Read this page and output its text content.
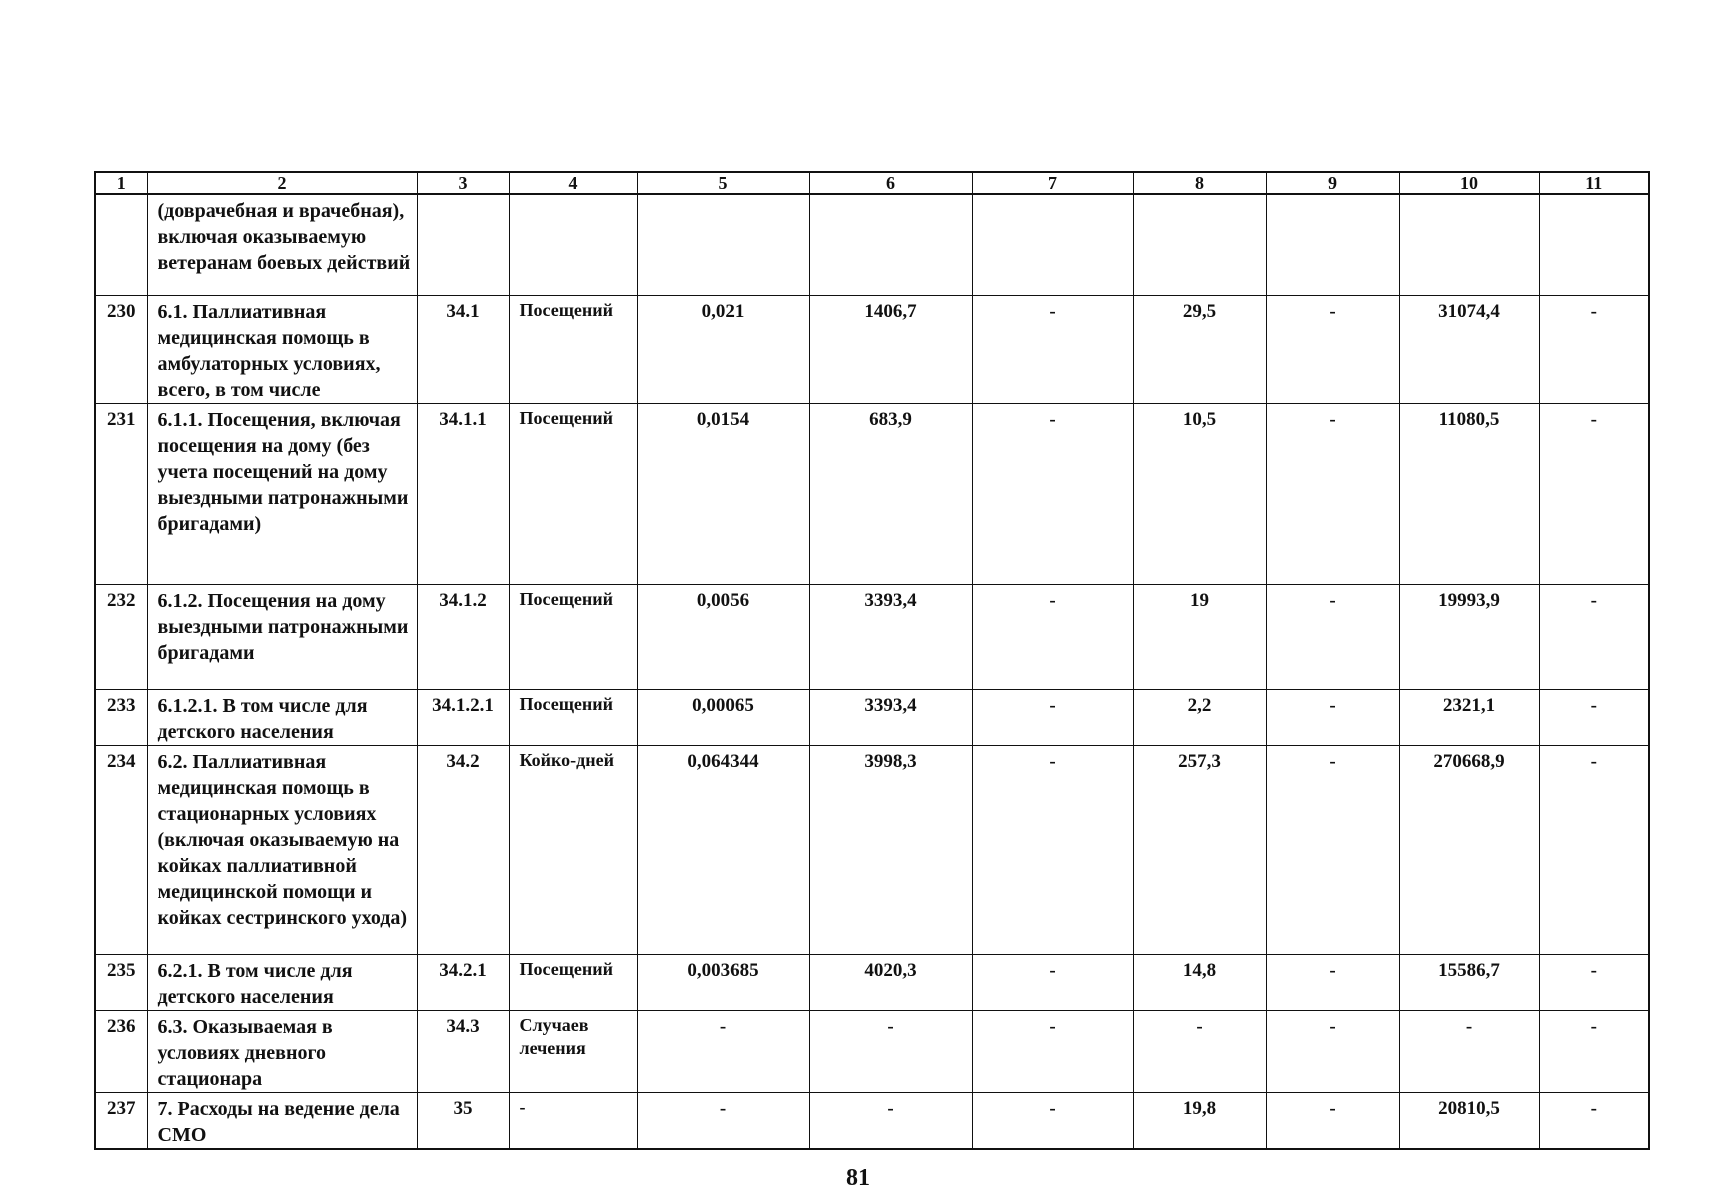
1	2	3	4	5	6	7	8	9	10	11
	(доврачебная и врачебная), включая оказываемую ветеранам боевых действий									
230	6.1. Паллиативная медицинская помощь в амбулаторных условиях, всего, в том числе	34.1	Посещений	0,021	1406,7	-	29,5	-	31074,4	-
231	6.1.1. Посещения, включая посещения на дому (без учета посещений на дому выездными патронажными бригадами)	34.1.1	Посещений	0,0154	683,9	-	10,5	-	11080,5	-
232	6.1.2. Посещения на дому выездными патронажными бригадами	34.1.2	Посещений	0,0056	3393,4	-	19	-	19993,9	-
233	6.1.2.1. В том числе для детского населения	34.1.2.1	Посещений	0,00065	3393,4	-	2,2	-	2321,1	-
234	6.2. Паллиативная медицинская помощь в стационарных условиях (включая оказываемую на койках паллиативной медицинской помощи и койках сестринского ухода)	34.2	Койко-дней	0,064344	3998,3	-	257,3	-	270668,9	-
235	6.2.1. В том числе для детского населения	34.2.1	Посещений	0,003685	4020,3	-	14,8	-	15586,7	-
236	6.3. Оказываемая в условиях дневного стационара	34.3	Случаев лечения	-	-	-	-	-	-	-
237	7. Расходы на ведение дела СМО	35	-	-	-	-	19,8	-	20810,5	-
81
